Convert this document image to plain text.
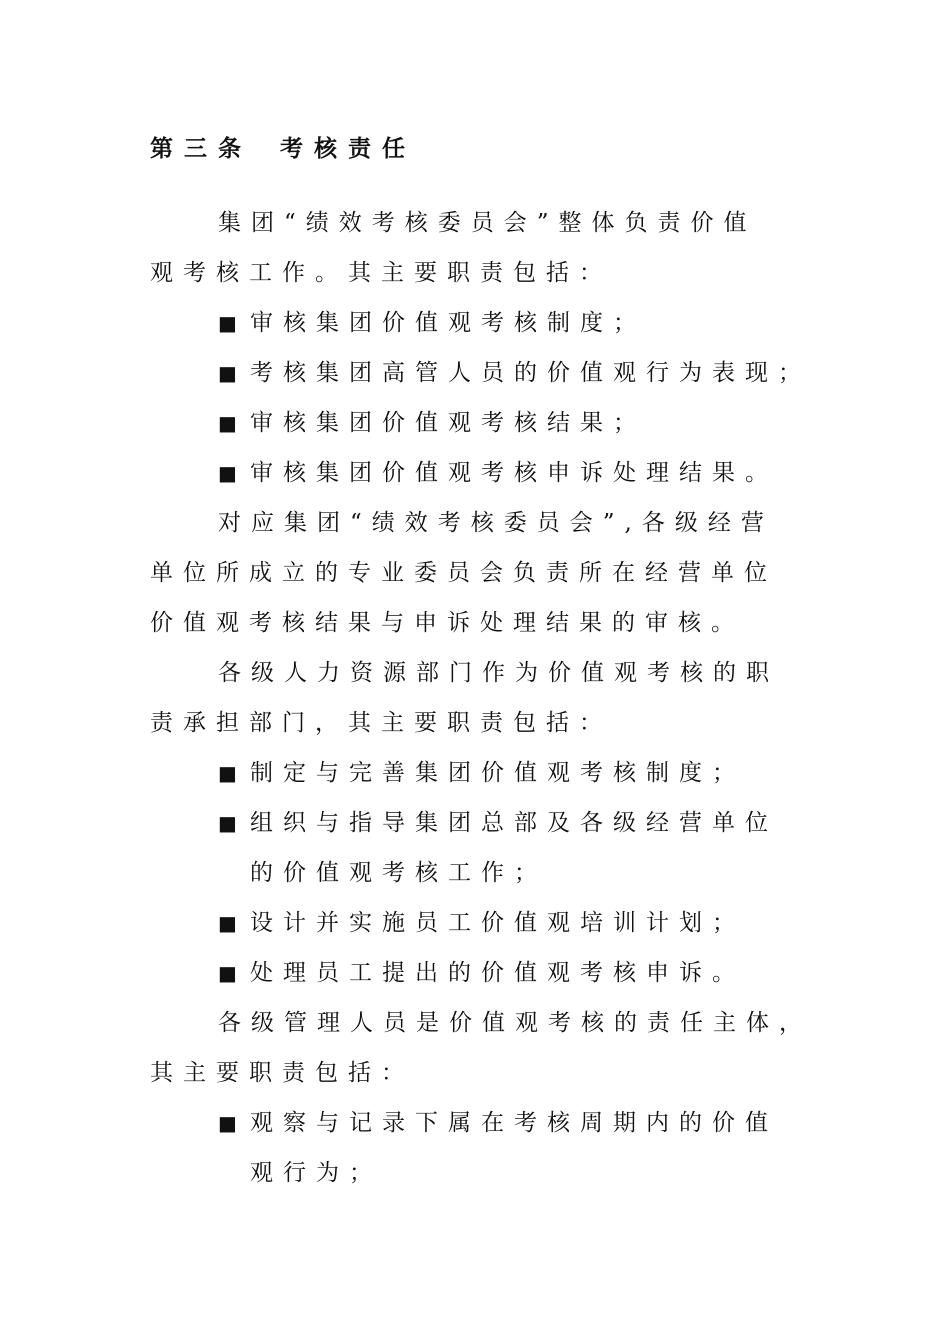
第三条 考核责任
集团“绩效考核委员会”整体负责价值
观考核工作。其主要职责包括：
■ 审核集团价值观考核制度；
■ 考核集团高管人员的价值观行为表现；
■ 审核集团价值观考核结果；
■ 审核集团价值观考核申诉处理结果。
对应集团“绩效考核委员会”,各级经营
单位所成立的专业委员会负责所在经营单位
价值观考核结果与申诉处理结果的审核。
各级人力资源部门作为价值观考核的职
责承担部门，其主要职责包括：
■ 制定与完善集团价值观考核制度；
■ 组织与指导集团总部及各级经营单位
的价值观考核工作；
■ 设计并实施员工价值观培训计划；
■ 处理员工提出的价值观考核申诉。
各级管理人员是价值观考核的责任主体，
其主要职责包括：
■ 观察与记录下属在考核周期内的价值
观行为；
